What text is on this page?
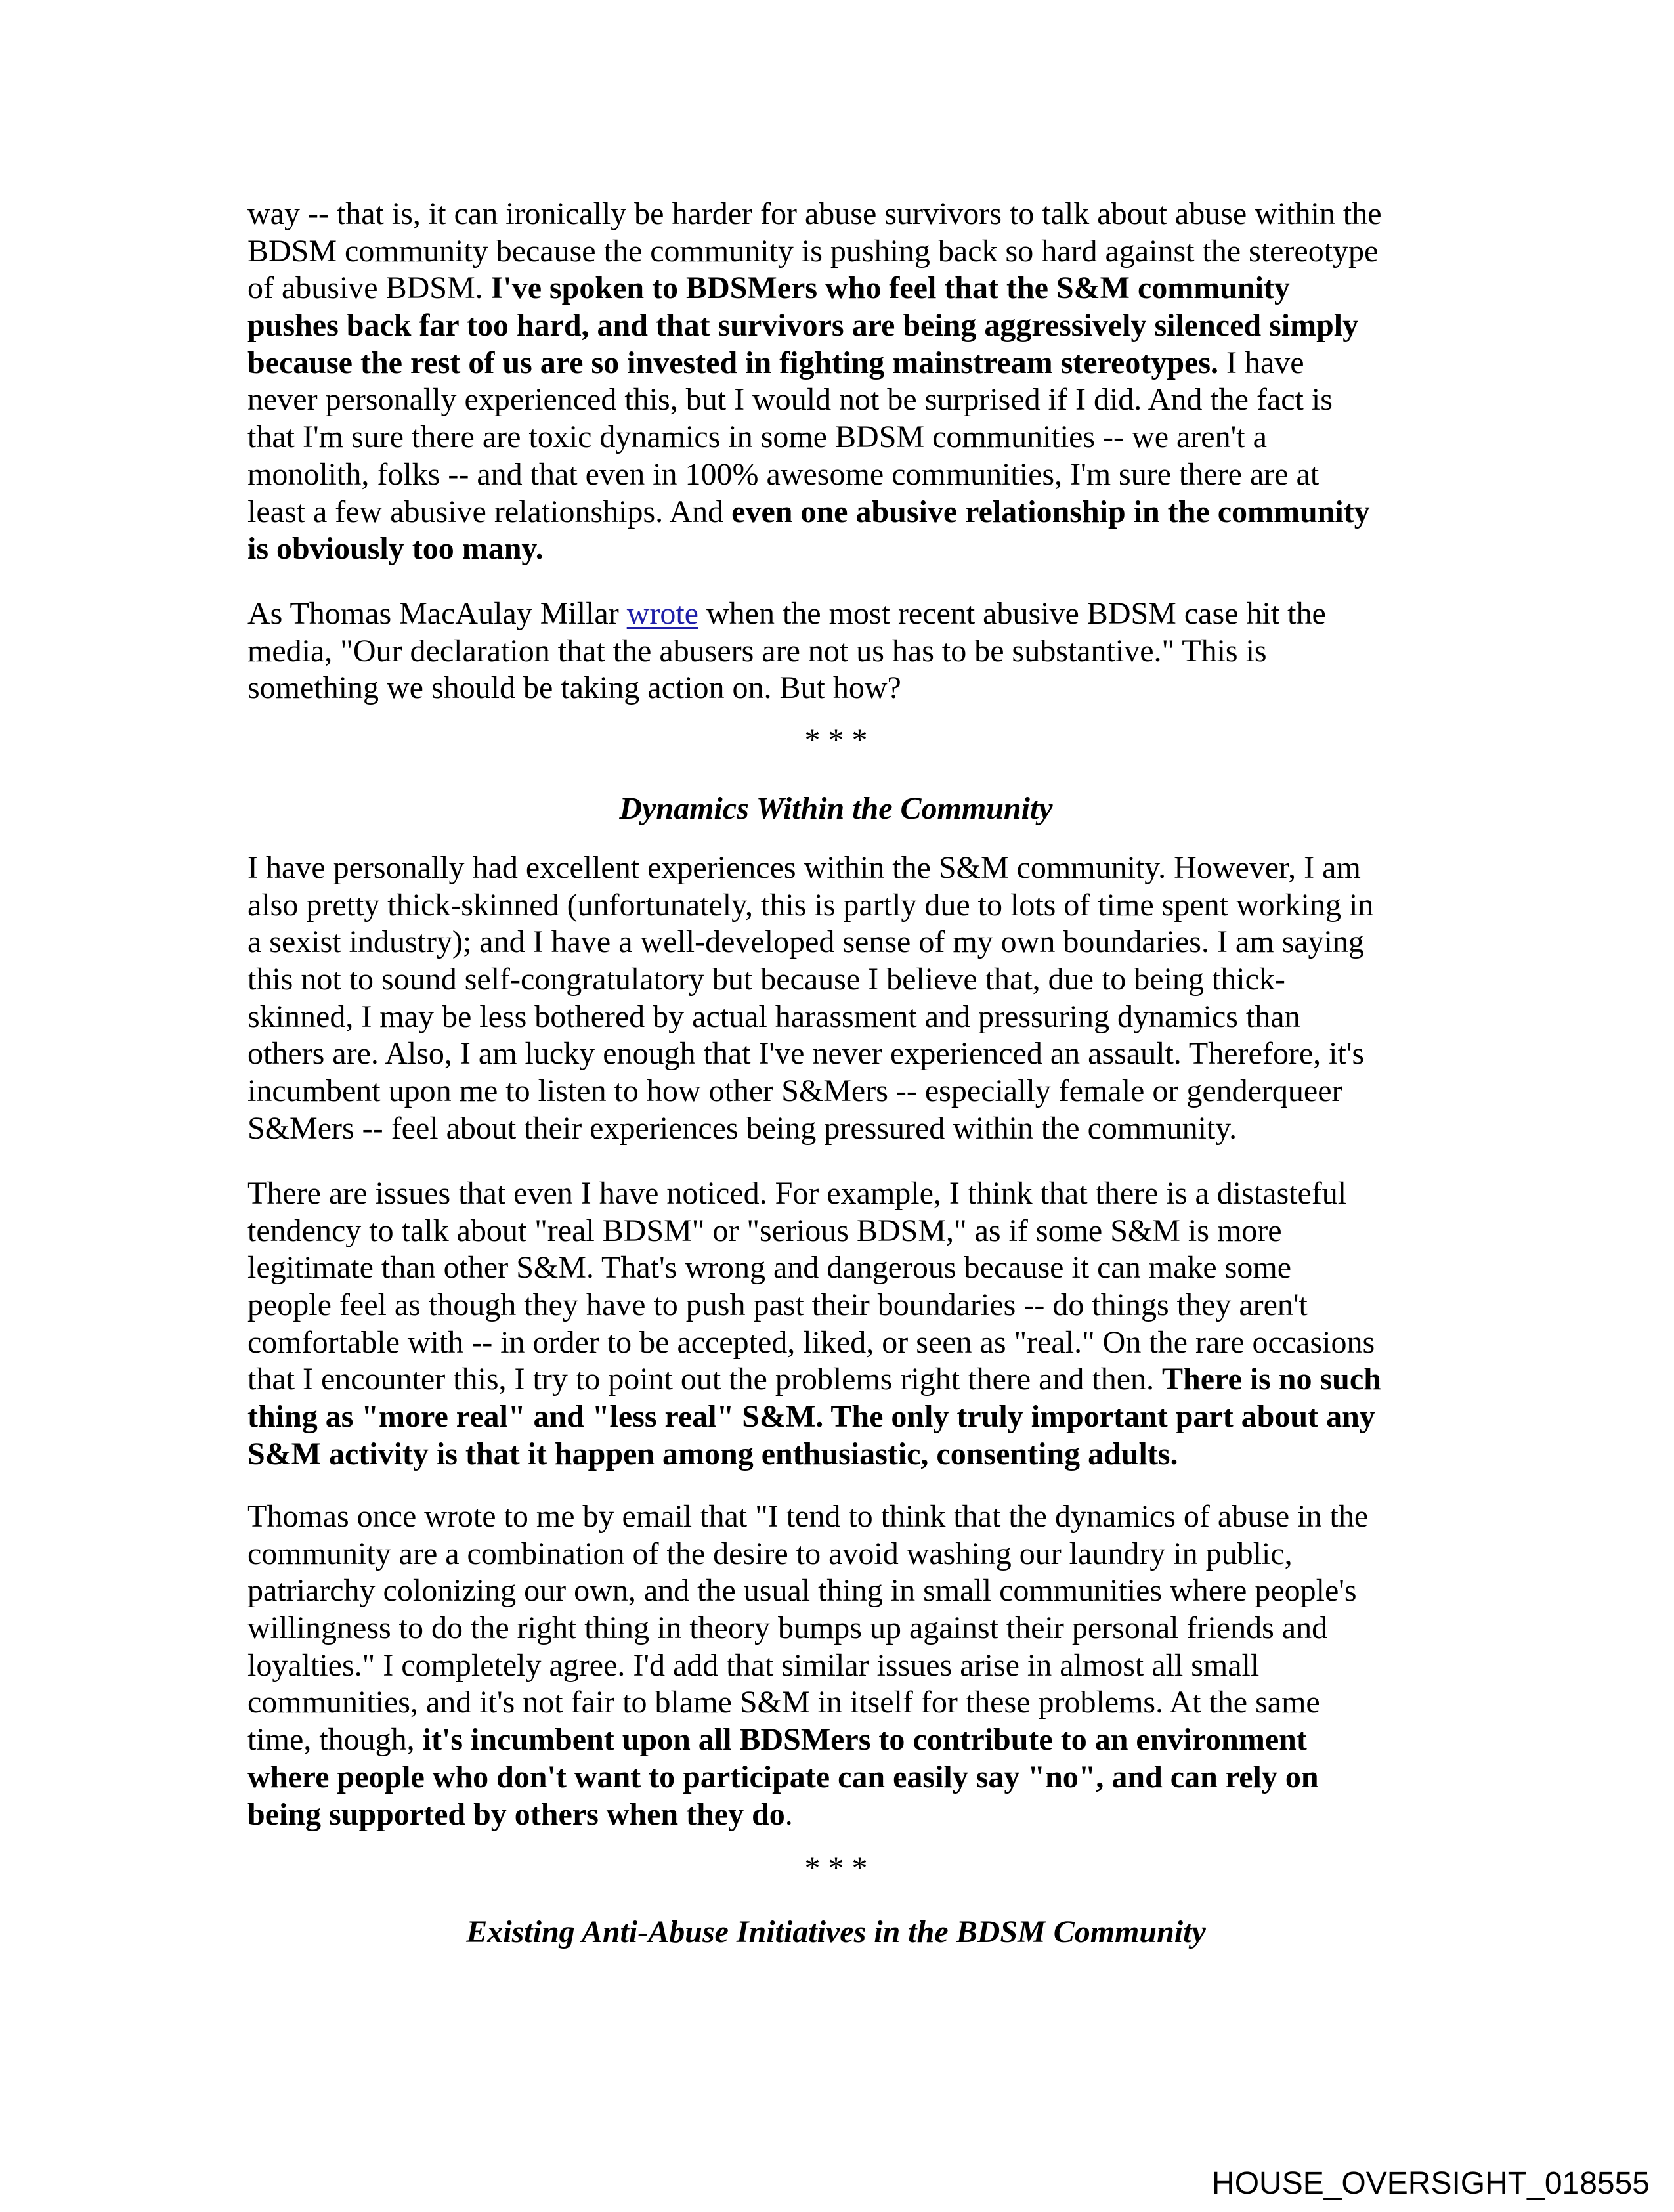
way -- that is, it can ironically be harder for abuse survivors to talk about abuse within the
BDSM community because the community is pushing back so hard against the stereotype
of abusive BDSM. I've spoken to BDSMers who feel that the S&M community
pushes back far too hard, and that survivors are being aggressively silenced simply
because the rest of us are so invested in fighting mainstream stereotypes. I have
never personally experienced this, but I would not be surprised if I did. And the fact is
that I'm sure there are toxic dynamics in some BDSM communities -- we aren't a
monolith, folks -- and that even in 100% awesome communities, I'm sure there are at
least a few abusive relationships. And even one abusive relationship in the community
is obviously too many.
As Thomas MacAulay Millar wrote when the most recent abusive BDSM case hit the
media, "Our declaration that the abusers are not us has to be substantive." This is
something we should be taking action on. But how?
* * *
Dynamics Within the Community
I have personally had excellent experiences within the S&M community. However, I am
also pretty thick-skinned (unfortunately, this is partly due to lots of time spent working in
a sexist industry); and I have a well-developed sense of my own boundaries. I am saying
this not to sound self-congratulatory but because I believe that, due to being thick-
skinned, I may be less bothered by actual harassment and pressuring dynamics than
others are. Also, I am lucky enough that I've never experienced an assault. Therefore, it's
incumbent upon me to listen to how other S&Mers -- especially female or genderqueer
S&Mers -- feel about their experiences being pressured within the community.
There are issues that even I have noticed. For example, I think that there is a distasteful
tendency to talk about "real BDSM" or "serious BDSM," as if some S&M is more
legitimate than other S&M. That's wrong and dangerous because it can make some
people feel as though they have to push past their boundaries -- do things they aren't
comfortable with -- in order to be accepted, liked, or seen as "real." On the rare occasions
that I encounter this, I try to point out the problems right there and then. There is no such
thing as "more real" and "less real" S&M. The only truly important part about any
S&M activity is that it happen among enthusiastic, consenting adults.
Thomas once wrote to me by email that "I tend to think that the dynamics of abuse in the
community are a combination of the desire to avoid washing our laundry in public,
patriarchy colonizing our own, and the usual thing in small communities where people's
willingness to do the right thing in theory bumps up against their personal friends and
loyalties." I completely agree. I'd add that similar issues arise in almost all small
communities, and it's not fair to blame S&M in itself for these problems. At the same
time, though, it's incumbent upon all BDSMers to contribute to an environment
where people who don't want to participate can easily say "no", and can rely on
being supported by others when they do.
* * *
Existing Anti-Abuse Initiatives in the BDSM Community
HOUSE_OVERSIGHT_018555
